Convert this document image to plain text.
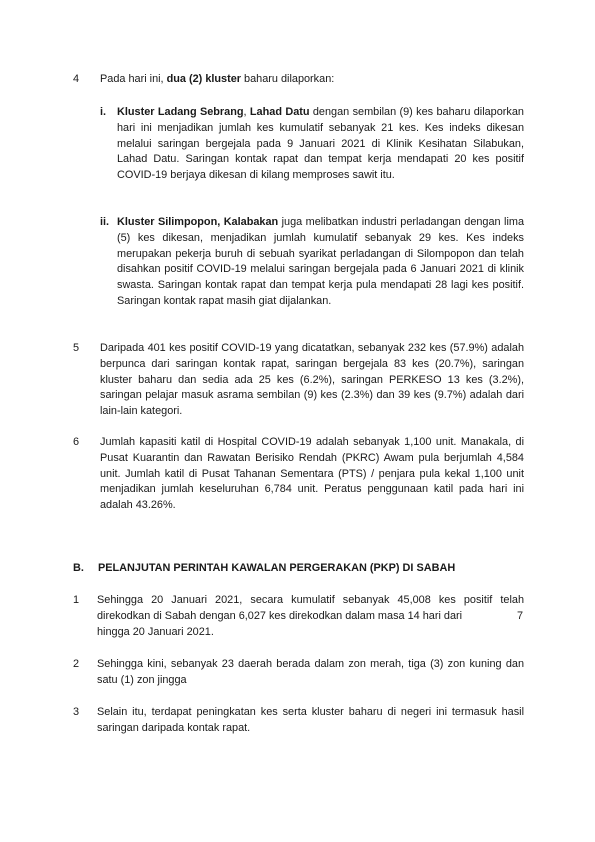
4 Pada hari ini, dua (2) kluster baharu dilaporkan:
i. Kluster Ladang Sebrang, Lahad Datu dengan sembilan (9) kes baharu dilaporkan hari ini menjadikan jumlah kes kumulatif sebanyak 21 kes. Kes indeks dikesan melalui saringan bergejala pada 9 Januari 2021 di Klinik Kesihatan Silabukan, Lahad Datu. Saringan kontak rapat dan tempat kerja mendapati 20 kes positif COVID-19 berjaya dikesan di kilang memproses sawit itu.
ii. Kluster Silimpopon, Kalabakan juga melibatkan industri perladangan dengan lima (5) kes dikesan, menjadikan jumlah kumulatif sebanyak 29 kes. Kes indeks merupakan pekerja buruh di sebuah syarikat perladangan di Silompopon dan telah disahkan positif COVID-19 melalui saringan bergejala pada 6 Januari 2021 di klinik swasta. Saringan kontak rapat dan tempat kerja pula mendapati 28 lagi kes positif. Saringan kontak rapat masih giat dijalankan.
5 Daripada 401 kes positif COVID-19 yang dicatatkan, sebanyak 232 kes (57.9%) adalah berpunca dari saringan kontak rapat, saringan bergejala 83 kes (20.7%), saringan kluster baharu dan sedia ada 25 kes (6.2%), saringan PERKESO 13 kes (3.2%), saringan pelajar masuk asrama sembilan (9) kes (2.3%) dan 39 kes (9.7%) adalah dari lain-lain kategori.
6 Jumlah kapasiti katil di Hospital COVID-19 adalah sebanyak 1,100 unit. Manakala, di Pusat Kuarantin dan Rawatan Berisiko Rendah (PKRC) Awam pula berjumlah 4,584 unit. Jumlah katil di Pusat Tahanan Sementara (PTS) / penjara pula kekal 1,100 unit menjadikan jumlah keseluruhan 6,784 unit. Peratus penggunaan katil pada hari ini adalah 43.26%.
B. PELANJUTAN PERINTAH KAWALAN PERGERAKAN (PKP) DI SABAH
1 Sehingga 20 Januari 2021, secara kumulatif sebanyak 45,008 kes positif telah
direkodkan di Sabah dengan 6,027 kes direkodkan dalam masa 14 hari dari	7
hingga 20 Januari 2021.
2 Sehingga kini, sebanyak 23 daerah berada dalam zon merah, tiga (3) zon kuning dan satu (1) zon jingga
3 Selain itu, terdapat peningkatan kes serta kluster baharu di negeri ini termasuk hasil saringan daripada kontak rapat.
